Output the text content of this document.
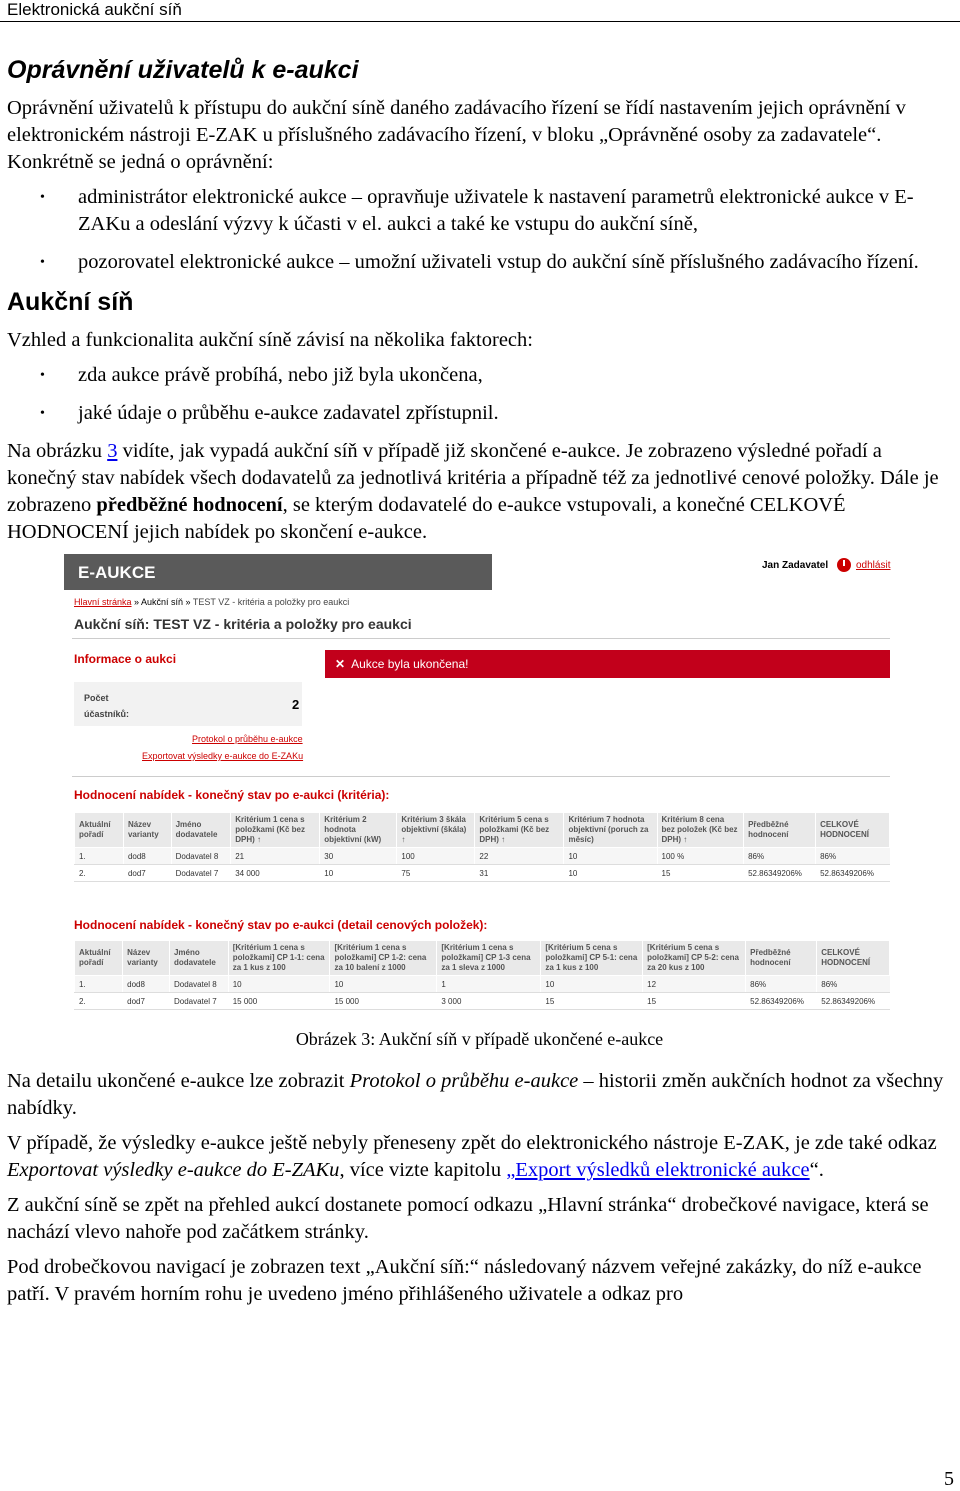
Elektronická aukční síň
Oprávnění uživatelů k e-aukci

Oprávnění uživatelů k přístupu do aukční síně daného zadávacího řízení se řídí nastavením jejich oprávnění v elektronickém nástroji E-ZAK u příslušného zadávacího řízení, v bloku „Oprávněné osoby za zadavatele“. Konkrétně se jedná o oprávnění:

• administrátor elektronické aukce – opravňuje uživatele k nastavení parametrů elektronické aukce v E-ZAKu a odeslání výzvy k účasti v el. aukci a také ke vstupu do aukční síně,
• pozorovatel elektronické aukce – umožní uživateli vstup do aukční síně příslušného zadávacího řízení.
Aukční síň

Vzhled a funkcionalita aukční síně závisí na několika faktorech:

• zda aukce právě probíhá, nebo již byla ukončena,
• jaké údaje o průběhu e-aukce zadavatel zpřístupnil.

Na obrázku 3 vidíte, jak vypadá aukční síň v případě již skončené e-aukce. Je zobrazeno výsledné pořadí a konečný stav nabídek všech dodavatelů za jednotlivá kritéria a případně též za jednotlivé cenové položky. Dále je zobrazeno předběžné hodnocení, se kterým dodavatelé do e-aukce vstupovali, a konečné CELKOVÉ HODNOCENÍ jejich nabídek po skončení e-aukce.

E-AUKCE	Jan Zadavatel	odhlásit
Hlavní stránka » Aukční síň » TEST VZ - kritéria a položky pro eaukci
Aukční síň: TEST VZ - kritéria a položky pro eaukci
Informace o aukci	✕ Aukce byla ukončena!
Počet účastníků:
2
Protokol o průběhu e-aukce
Exportovat výsledky e-aukce do E-ZAKu
Hodnocení nabídek - konečný stav po e-aukci (kritéria):
Aktuální pořadí	Název varianty	Jméno dodavatele	Kritérium 1 cena s položkami (Kč bez DPH) ↑	Kritérium 2 hodnota objektivní (kW)	Kritérium 3 škála objektivní (škála) ↑	Kritérium 5 cena s položkami (Kč bez DPH) ↑	Kritérium 7 hodnota objektivní (poruch za měsíc)	Kritérium 8 cena bez položek (Kč bez DPH) ↑	Předběžné hodnocení	CELKOVÉ HODNOCENÍ
1.	dod8	Dodavatel 8	21	30	100	22	10	100 %	86%	86%
2.	dod7	Dodavatel 7	34 000	10	75	31	10	15	52.86349206%	52.86349206%
Hodnocení nabídek - konečný stav po e-aukci (detail cenových položek):
Aktuální pořadí	Název varianty	Jméno dodavatele	[Kritérium 1 cena s položkami] CP 1-1: cena za 1 kus z 100	[Kritérium 1 cena s položkami] CP 1-2: cena za 10 balení z 1000	[Kritérium 1 cena s položkami] CP 1-3 cena za 1 sleva z 1000	[Kritérium 5 cena s položkami] CP 5-1: cena za 1 kus z 100	[Kritérium 5 cena s položkami] CP 5-2: cena za 20 kus z 100	Předběžné hodnocení	CELKOVÉ HODNOCENÍ
1.	dod8	Dodavatel 8	10	10	1	10	12	86%	86%
2.	dod7	Dodavatel 7	15 000	15 000	3 000	15	15	52.86349206%	52.86349206%
Obrázek 3: Aukční síň v případě ukončené e-aukce

Na detailu ukončené e-aukce lze zobrazit Protokol o průběhu e-aukce – historii změn aukčních hodnot za všechny nabídky.

V případě, že výsledky e-aukce ještě nebyly přeneseny zpět do elektronického nástroje E-ZAK, je zde také odkaz Exportovat výsledky e-aukce do E-ZAKu, více vizte kapitolu „Export výsledků elektronické aukce“.

Z aukční síně se zpět na přehled aukcí dostanete pomocí odkazu „Hlavní stránka“ drobečkové navigace, která se nachází vlevo nahoře pod začátkem stránky.

Pod drobečkovou navigací je zobrazen text „Aukční síň:“ následovaný názvem veřejné zakázky, do níž e-aukce patří. V pravém horním rohu je uvedeno jméno přihlášeného uživatele a odkaz pro

5
